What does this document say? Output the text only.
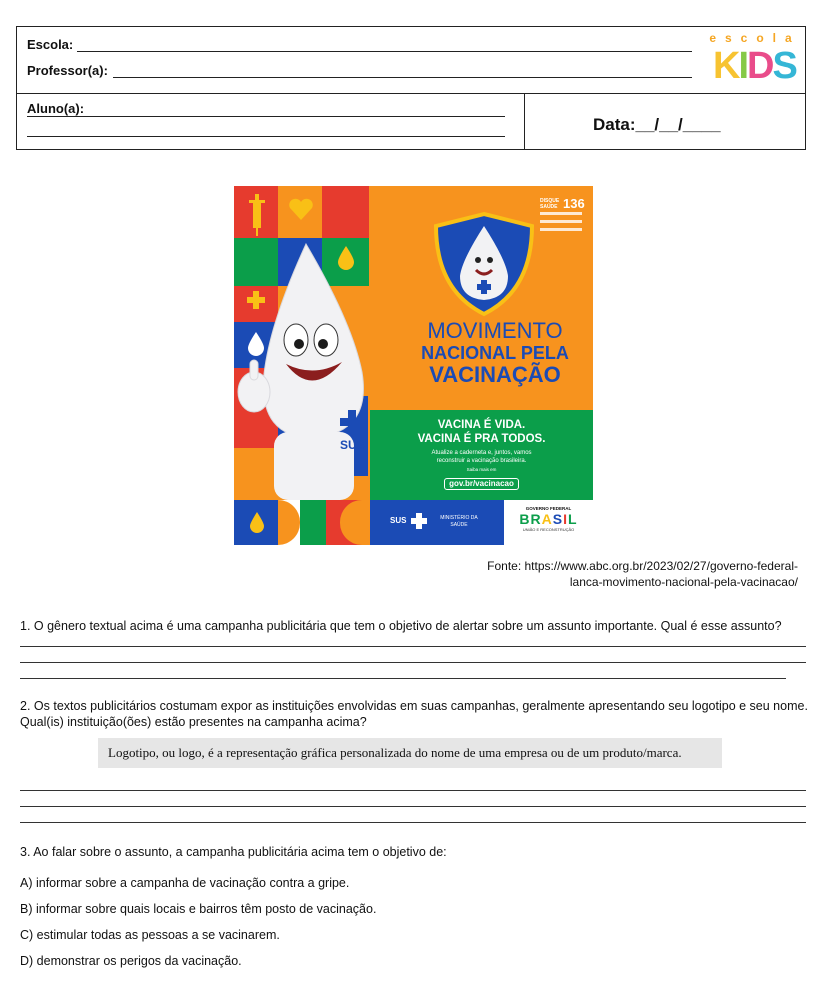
Escola:
Professor(a):
escola
KIDS
Aluno(a):
Data:__/__/____
SUS
DISQUE SAÚDE 136
MOVIMENTO
NACIONAL PELA
VACINAÇÃO
VACINA É VIDA.
VACINA É PRA TODOS.
Atualize a caderneta e, juntos, vamos
reconstruir a vacinação brasileira.
Saiba mais em
gov.br/vacinacao
SUS	MINISTÉRIO DA
SAÚDE
GOVERNO FEDERAL
BRASIL
UNIÃO E RECONSTRUÇÃO
Fonte: https://www.abc.org.br/2023/02/27/governo-federal-
lanca-movimento-nacional-pela-vacinacao/
1. O gênero textual acima é uma campanha publicitária que tem o objetivo de alertar sobre um assunto importante. Qual é esse assunto?
2. Os textos publicitários costumam expor as instituições envolvidas em suas campanhas, geralmente apresentando seu logotipo e seu nome.
Qual(is) instituição(ões) estão presentes na campanha acima?
Logotipo, ou logo, é a representação gráfica personalizada do nome de uma empresa ou de um produto/marca.
3. Ao falar sobre o assunto, a campanha publicitária acima tem o objetivo de:
A) informar sobre a campanha de vacinação contra a gripe.
B) informar sobre quais locais e bairros têm posto de vacinação.
C) estimular todas as pessoas a se vacinarem.
D) demonstrar os perigos da vacinação.
